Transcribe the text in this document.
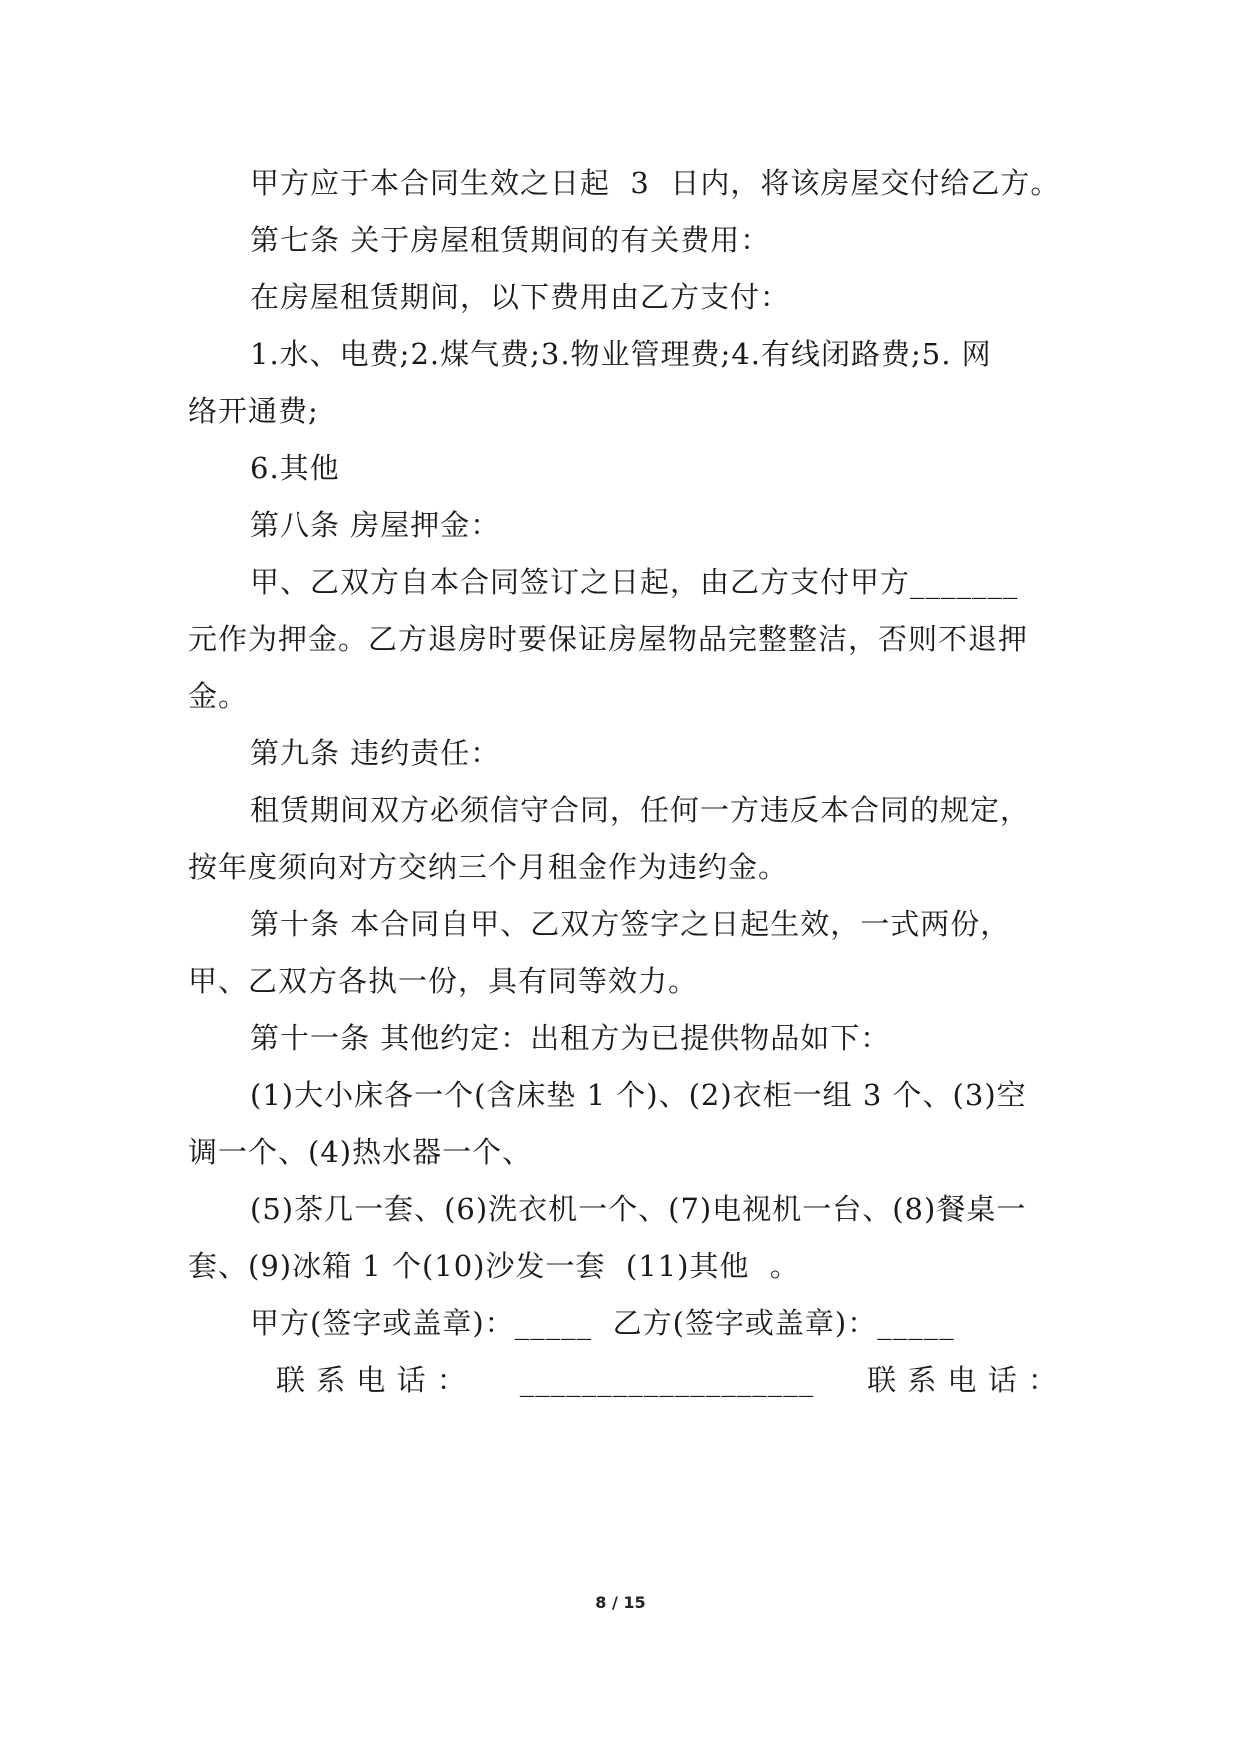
甲方应于本合同生效之日起  3  日内，将该房屋交付给乙方。
第七条 关于房屋租赁期间的有关费用：
在房屋租赁期间，以下费用由乙方支付：
1.水、电费;2.煤气费;3.物业管理费;4.有线闭路费;5. 网
络开通费;
6.其他
第八条 房屋押金：
甲、乙双方自本合同签订之日起，由乙方支付甲方_______
元作为押金。乙方退房时要保证房屋物品完整整洁，否则不退押
金。
第九条 违约责任：
租赁期间双方必须信守合同，任何一方违反本合同的规定，
按年度须向对方交纳三个月租金作为违约金。
第十条 本合同自甲、乙双方签字之日起生效，一式两份，
甲、乙双方各执一份，具有同等效力。
第十一条 其他约定：出租方为已提供物品如下：
(1)大小床各一个(含床垫 1 个)、(2)衣柜一组 3 个、(3)空
调一个、(4)热水器一个、
(5)茶几一套、(6)洗衣机一个、(7)电视机一台、(8)餐桌一
套、(9)冰箱 1 个(10)沙发一套  (11)其他  。
甲方(签字或盖章)：_____  乙方(签字或盖章)：_____
联 系 电 话 ： ___________________ 联 系 电 话 ：
8 / 15
